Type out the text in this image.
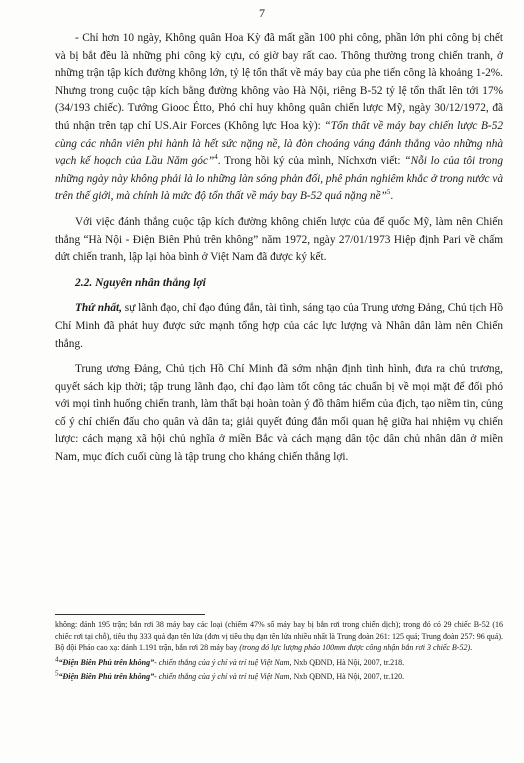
7

- Chỉ hơn 10 ngày, Không quân Hoa Kỳ đã mất gần 100 phi công, phần lớn phi công bị chết và bị bắt đều là những phi công kỳ cựu, có giờ bay rất cao. Thông thường trong chiến tranh, ở những trận tập kích đường không lớn, tỷ lệ tổn thất về máy bay của phe tiến công là khoảng 1-2%. Nhưng trong cuộc tập kích bằng đường không vào Hà Nội, riêng B-52 tỷ lệ tổn thất lên tới 17% (34/193 chiếc). Tướng Giooc Étto, Phó chỉ huy không quân chiến lược Mỹ, ngày 30/12/1972, đã thú nhận trên tạp chí US.Air Forces (Không lực Hoa kỳ): “Tổn thất về máy bay chiến lược B-52 cùng các nhân viên phi hành là hết sức nặng nề, là đòn choáng váng đánh thẳng vào những nhà vạch kế hoạch của Lầu Năm góc”$^4$. Trong hồi ký của mình, Níchxơn viết: “Nỗi lo của tôi trong những ngày này không phải là lo những làn sóng phản đối, phê phán nghiêm khắc ở trong nước và trên thế giới, mà chính là mức độ tổn thất về máy bay B-52 quá nặng nề”$^5$.

Với việc đánh thắng cuộc tập kích đường không chiến lược của đế quốc Mỹ, làm nên Chiến thắng “Hà Nội - Điện Biên Phủ trên không” năm 1972, ngày 27/01/1973 Hiệp định Pari về chấm dứt chiến tranh, lập lại hòa bình ở Việt Nam đã được ký kết.

2.2. Nguyên nhân thắng lợi

Thứ nhất, sự lãnh đạo, chỉ đạo đúng đắn, tài tình, sáng tạo của Trung ương Đảng, Chủ tịch Hồ Chí Minh đã phát huy được sức mạnh tổng hợp của các lực lượng và Nhân dân làm nên Chiến thắng.

Trung ương Đảng, Chủ tịch Hồ Chí Minh đã sớm nhận định tình hình, đưa ra chủ trương, quyết sách kịp thời; tập trung lãnh đạo, chỉ đạo làm tốt công tác chuẩn bị về mọi mặt để đối phó với mọi tình huống chiến tranh, làm thất bại hoàn toàn ý đồ thâm hiểm của địch, tạo niềm tin, củng cố ý chí chiến đấu cho quân và dân ta; giải quyết đúng đắn mối quan hệ giữa hai nhiệm vụ chiến lược: cách mạng xã hội chủ nghĩa ở miền Bắc và cách mạng dân tộc dân chủ nhân dân ở miền Nam, mục đích cuối cùng là tập trung cho kháng chiến thắng lợi.

không: đánh 195 trận; bắn rơi 38 máy bay các loại (chiếm 47% số máy bay bị bắn rơi trong chiến dịch); trong đó có 29 chiếc B-52 (16 chiếc rơi tại chỗ), tiêu thụ 333 quả đạn tên lửa (đơn vị tiêu thụ đạn tên lửa nhiều nhất là Trung đoàn 261: 125 quả; Trung đoàn 257: 96 quả). Bộ đội Pháo cao xạ: đánh 1.191 trận, bắn rơi 28 máy bay (trong đó lực lượng pháo 100mm được công nhận bắn rơi 3 chiếc B-52).

4“Điện Biên Phủ trên không”- chiến thắng của ý chí và trí tuệ Việt Nam, Nxb QĐND, Hà Nội, 2007, tr.218.

5“Điện Biên Phủ trên không”- chiến thắng của ý chí và trí tuệ Việt Nam, Nxb QĐND, Hà Nội, 2007, tr.120.
